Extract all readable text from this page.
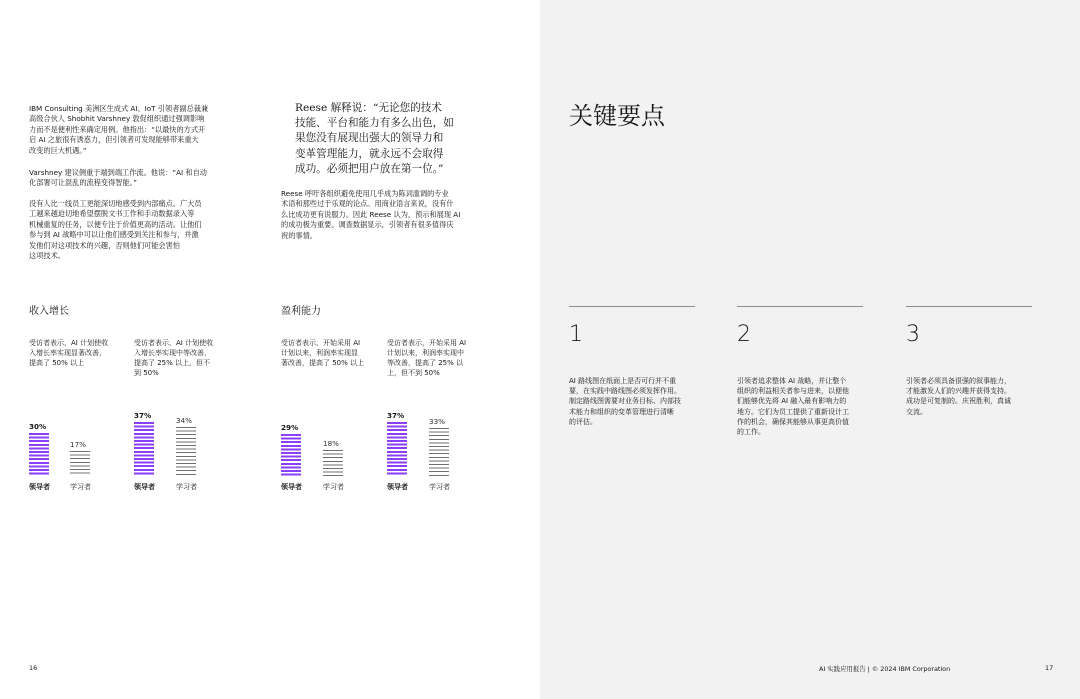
IBM Consulting 美洲区生成式 AI、IoT 引领者副总裁兼
高级合伙人 Shobhit Varshney 敦促组织通过强调影响
力而不是便利性来确定用例。他指出：“以最快的方式开
启 AI 之旅很有诱惑力，但引领者可发现能够带来重大
改变的巨大机遇。”

Varshney 建议侧重于端到端工作流。他说：“AI 和自动
化部署可让混乱的流程变得智能。”

没有人比一线员工更能深切地感受到内部痛点。广大员
工越来越迫切地希望摆脱文书工作和手动数据录入等
机械重复的任务，以便专注于价值更高的活动。让他们
参与到 AI 战略中可以让他们感受到关注和参与，并激
发他们对这项技术的兴趣，否则他们可能会害怕
这项技术。

Reese 解释说：“无论您的技术
技能、平台和能力有多么出色，如
果您没有展现出强大的领导力和
变革管理能力，就永远不会取得
成功。必须把用户放在第一位。”

Reese 呼吁各组织避免使用几乎成为陈词滥调的专业
术语和那些过于乐观的论点。用商业语言来说，没有什
么比成功更有说服力。因此 Reese 认为，预示和展现 AI
的成功极为重要。调查数据显示，引领者有很多值得庆
祝的事情。

收入增长	盈利能力
受访者表示，AI 计划使收
入增长率实现显著改善，
提高了 50% 以上
受访者表示，AI 计划使收
入增长率实现中等改善，
提高了 25% 以上，但不
到 50%
受访者表示，开始采用 AI
计划以来，利润率实现显
著改善，提高了 50% 以上
受访者表示，开始采用 AI
计划以来，利润率实现中
等改善，提高了 25% 以
上，但不到 50%
30%
17%
37%	34%
29%
18%
37%
33%
领导者	学习者	领导者	学习者	领导者	学习者	领导者	学习者
16
关键要点
1
AI 路线图在纸面上是否可行并不重
要，在实践中路线图必须发挥作用。
制定路线图需要对业务目标、内部技
术能力和组织的变革管理进行清晰
的评估。
2
引领者追求整体 AI 战略，并让整个
组织的利益相关者参与进来，以便他
们能够优先将 AI 融入最有影响力的
地方。它们为员工提供了重新设计工
作的机会，确保其能够从事更高价值
的工作。
3
引领者必须具备很强的叙事能力，
才能激发人们的兴趣并获得支持。
成功是可复制的。庆祝胜利，真诚
交流。
AI 实践应用报告 | © 2024 IBM Corporation	17
